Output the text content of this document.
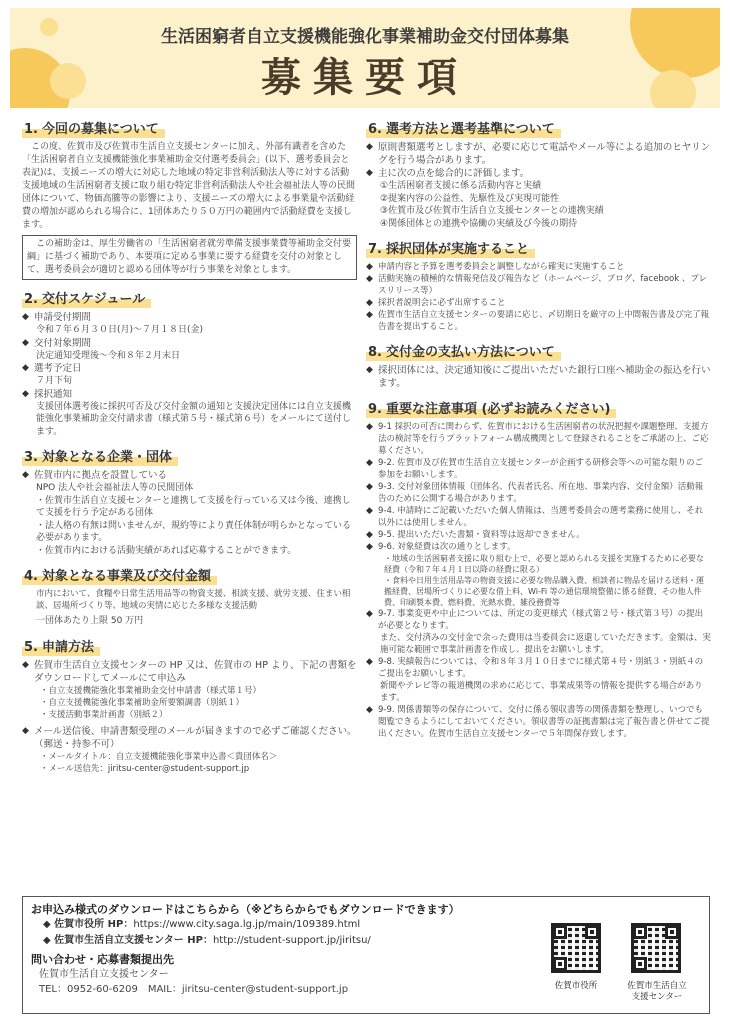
生活困窮者自立支援機能強化事業補助金交付団体募集
募集要項
1. 今回の募集について
この度、佐賀市及び佐賀市生活自立支援センターに加え、外部有識者を含めた「生活困窮者自立支援機能強化事業補助金交付選考委員会」(以下、選考委員会と表記)は、支援ニーズの増大に対応した地域の特定非営利活動法人等に対する活動支援地域の生活困窮者支援に取り組む特定非営利活動法人や社会福祉法人等の民間団体について、物価高騰等の影響により、支援ニーズの増大による事業量や活動経費の増加が認められる場合に、1団体あたり５０万円の範囲内で活動経費を支援します。
この補助金は、厚生労働省の「生活困窮者就労準備支援事業費等補助金交付要綱」に基づく補助であり、本要項に定める事業に要する経費を交付の対象として、選考委員会が適切と認める団体等が行う事業を対象とします。
2. 交付スケジュール
◆ 申請受付期間
令和７年６月３０日(月)～７月１８日(金)
◆ 交付対象期間
決定通知受理後～令和８年２月末日
◆ 選考予定日
７月下旬
◆ 採択通知
支援団体選考後に採択可否及び交付金額の通知と支援決定団体には自立支援機能強化事業補助金交付請求書（様式第５号・様式第６号）をメールにて送付します。
3. 対象となる企業・団体
◆ 佐賀市内に拠点を設置している
NPO 法人や社会福祉法人等の民間団体
・佐賀市生活自立支援センターと連携して支援を行っている又は今後、連携して支援を行う予定がある団体
・法人格の有無は問いませんが、規約等により責任体制が明らかとなっている必要があります。
・佐賀市内における活動実績があれば応募することができます。
4. 対象となる事業及び交付金額
市内において、食糧や日常生活用品等の物資支援、相談支援、就労支援、住まい相談、居場所づくり等、地域の実情に応じた多様な支援活動
一団体あたり上限 50 万円
5. 申請方法
◆ 佐賀市生活自立支援センターの HP 又は、佐賀市の HP より、下記の書類をダウンロードしてメールにて申込み
・自立支援機能強化事業補助金交付申請書（様式第１号）
・自立支援機能強化事業補助金所要額調書（別紙１）
・支援活動事業計画書（別紙２）
◆ メール送信後、申請書類受理のメールが届きますので必ずご確認ください。（郵送・持参不可）
・メールタイトル：自立支援機能強化事業申込書＜貴団体名＞
・メール送信先：jiritsu-center@student-support.jp
6. 選考方法と選考基準について
◆ 原則書類選考としますが、必要に応じて電話やメール等による追加のヒヤリングを行う場合があります。
◆ 主に次の点を総合的に評価します。
①生活困窮者支援に係る活動内容と実績
②提案内容の公益性、先駆性及び実現可能性
③佐賀市及び佐賀市生活自立支援センターとの連携実績
④関係団体との連携や協働の実績及び今後の期待
7. 採択団体が実施すること
◆ 申請内容と予算を選考委員会と調整しながら確実に実施すること
◆ 活動実施の積極的な情報発信及び報告など（ホームページ、ブログ、facebook 、プレスリリース等）
◆ 採択者説明会に必ず出席すること
◆ 佐賀市生活自立支援センターの要請に応じ、〆切期日を厳守の上中間報告書及び完了報告書を提出すること。
8. 交付金の支払い方法について
◆ 採択団体には、決定通知後にご提出いただいた銀行口座へ補助金の振込を行います。
9. 重要な注意事項 (必ずお読みください)
◆ 9-1 採択の可否に関わらず、佐賀市における生活困窮者の状況把握や課題整理、支援方法の検討等を行うプラットフォーム構成機関として登録されることをご承諾の上、ご応募ください。
◆ 9-2. 佐賀市及び佐賀市生活自立支援センターが企画する研修会等への可能な限りのご参加をお願いします。
◆ 9-3. 交付対象団体情報（団体名、代表者氏名、所在地、事業内容、交付金額）活動報告のために公開する場合があります。
◆ 9-4. 申請時にご記載いただいた個人情報は、当選考委員会の選考業務に使用し、それ以外には使用しません。
◆ 9-5. 提出いただいた書類・資料等は返却できません。
◆ 9-6. 対象経費は次の通りとします。
・地域の生活困窮者支援に取り組む上で、必要と認められる支援を実施するために必要な経費（令和７年４月１日以降の経費に限る）
・食料や日用生活用品等の物資支援に必要な物品購入費、相談者に物品を届ける送料・運搬経費、居場所づくりに必要な借上料、Wi-Fi 等の通信環境整備に係る経費、その他人件費、印刷製本費、燃料費、光熱水費、雑役務費等
◆ 9-7. 事業変更や中止については、所定の変更様式（様式第２号・様式第３号）の提出が必要となります。
また、交付済みの交付金で余った費用は当委員会に返還していただきます。金額は、実施可能な範囲で事業計画書を作成し、提出をお願いします。
◆ 9-8. 実績報告については、令和８年３月１０日までに様式第４号・別紙３・別紙４のご提出をお願いします。
新聞やテレビ等の報道機関の求めに応じて、事業成果等の情報を提供する場合があります。
◆ 9-9. 関係書類等の保存について、交付に係る領収書等の関係書類を整理し、いつでも閲覧できるようにしておいてください。領収書等の証拠書類は完了報告書と併せてご提出ください。佐賀市生活自立支援センターで５年間保存致します。
お申込み様式のダウンロードはこちらから（※どちらからでもダウンロードできます）
◆ 佐賀市役所 HP：https://www.city.saga.lg.jp/main/109389.html
◆ 佐賀市生活自立支援センター HP：http://student-support.jp/jiritsu/
問い合わせ・応募書類提出先
佐賀市生活自立支援センター
TEL：0952-60-6209　MAIL：jiritsu-center@student-support.jp	佐賀市役所	佐賀市生活自立
支援センター
